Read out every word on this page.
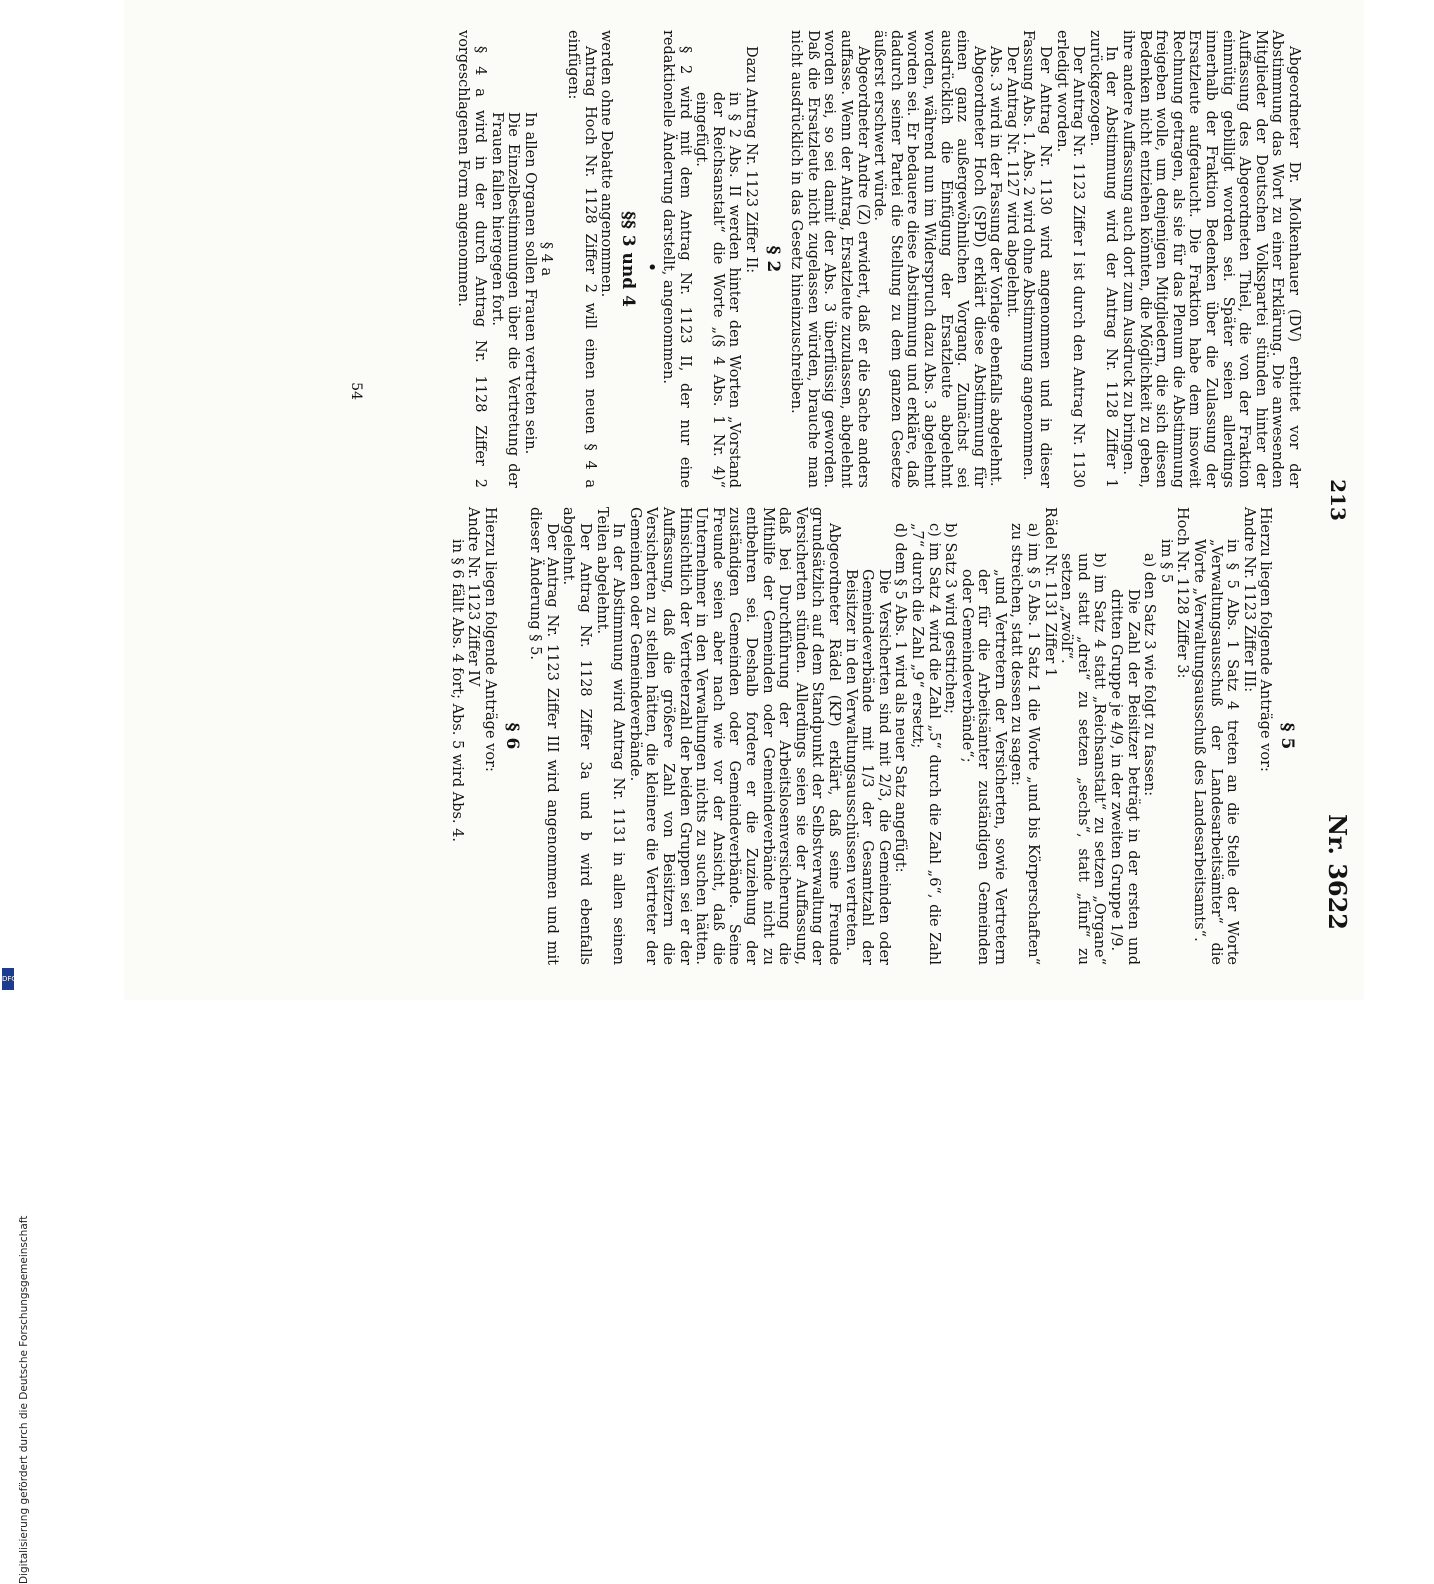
213
Nr. 3622

Abgeordneter Dr. Molkenhauer (DV) erbittet vor der Abstimmung das Wort zu einer Erklärung. Die anwesenden Mitglieder der Deutschen Volkspartei stünden hinter der Auffassung des Abgeordneten Thiel, die von der Fraktion einmütig gebilligt worden sei. Später seien allerdings innerhalb der Fraktion Bedenken über die Zulassung der Ersatzleute aufgetaucht. Die Fraktion habe dem insoweit Rechnung getragen, als sie für das Plenum die Abstimmung freigeben wolle, um denjenigen Mitgliedern, die sich diesen Bedenken nicht entziehen könnten, die Möglichkeit zu geben, ihre andere Auffassung auch dort zum Ausdruck zu bringen.

In der Abstimmung wird der Antrag Nr. 1128 Ziffer 1 zurückgezogen.

Der Antrag Nr. 1123 Ziffer I ist durch den Antrag Nr. 1130 erledigt worden.

Der Antrag Nr. 1130 wird angenommen und in dieser Fassung Abs. 1. Abs. 2 wird ohne Abstimmung angenommen.

Der Antrag Nr. 1127 wird abgelehnt.

Abs. 3 wird in der Fassung der Vorlage ebenfalls abgelehnt.

Abgeordneter Hoch (SPD) erklärt diese Abstimmung für einen ganz außergewöhnlichen Vorgang. Zunächst sei ausdrücklich die Einfügung der Ersatzleute abgelehnt worden, während nun im Widerspruch dazu Abs. 3 abgelehnt worden sei. Er bedauere diese Abstimmung und erkläre, daß dadurch seiner Partei die Stellung zu dem ganzen Gesetze äußerst erschwert würde.

Abgeordneter Andre (Z) erwidert, daß er die Sache anders auffasse. Wenn der Antrag, Ersatzleute zuzulassen, abgelehnt worden sei, so sei damit der Abs. 3 überflüssig geworden. Daß die Ersatzleute nicht zugelassen würden, brauche man nicht ausdrücklich in das Gesetz hineinzuschreiben.

§ 2

Dazu Antrag Nr. 1123 Ziffer II:

in § 2 Abs. II werden hinter den Worten „Vorstand der Reichsanstalt“ die Worte „(§ 4 Abs. 1 Nr. 4)“ eingefügt.

§ 2 wird mit dem Antrag Nr. 1123 II, der nur eine redaktionelle Änderung darstellt, angenommen.

•

§§ 3 und 4

werden ohne Debatte angenommen.

Antrag Hoch Nr. 1128 Ziffer 2 will einen neuen § 4 a einfügen:

§ 4 a

In allen Organen sollen Frauen vertreten sein.

Die Einzelbestimmungen über die Vertretung der Frauen fallen hiergegen fort.

§ 4 a wird in der durch Antrag Nr. 1128 Ziffer 2 vorgeschlagenen Form angenommen.

§ 5

Hierzu liegen folgende Anträge vor:

Andre Nr. 1123 Ziffer III:

in § 5 Abs. 1 Satz 4 treten an die Stelle der Worte „Verwaltungsausschuß der Landesarbeitsämter“ die Worte „Verwaltungsausschuß des Landesarbeitsamts“.

Hoch Nr. 1128 Ziffer 3:

im § 5

a) den Satz 3 wie folgt zu fassen:

Die Zahl der Beisitzer beträgt in der ersten und dritten Gruppe je 4/9, in der zweiten Gruppe 1/9.

b) im Satz 4 statt „Reichsanstalt“ zu setzen „Organe“ und statt „drei“ zu setzen „sechs“, statt „fünf“ zu setzen „zwölf“.

Rädel Nr. 1131 Ziffer 1

a) im § 5 Abs. 1 Satz 1 die Worte „und bis Körperschaften“ zu streichen, statt dessen zu sagen:

„und Vertretern der Versicherten, sowie Vertretern der für die Arbeitsämter zuständigen Gemeinden oder Gemeindeverbände“;

b) Satz 3 wird gestrichen;

c) im Satz 4 wird die Zahl „5“ durch die Zahl „6“, die Zahl „7“ durch die Zahl „9“ ersetzt;

d) dem § 5 Abs. 1 wird als neuer Satz angefügt:

Die Versicherten sind mit 2/3, die Gemeinden oder Gemeindeverbände mit 1/3 der Gesamtzahl der Beisitzer in den Verwaltungsausschüssen vertreten.

Abgeordneter Rädel (KP) erklärt, daß seine Freunde grundsätzlich auf dem Standpunkt der Selbstverwaltung der Versicherten stünden. Allerdings seien sie der Auffassung, daß bei Durchführung der Arbeitslosenversicherung die Mithilfe der Gemeinden oder Gemeindeverbände nicht zu entbehren sei. Deshalb fordere er die Zuziehung der zuständigen Gemeinden oder Gemeindeverbände. Seine Freunde seien aber nach wie vor der Ansicht, daß die Unternehmer in den Verwaltungen nichts zu suchen hätten. Hinsichtlich der Vertreterzahl der beiden Gruppen sei er der Auffassung, daß die größere Zahl von Beisitzern die Versicherten zu stellen hätten, die kleinere die Vertreter der Gemeinden oder Gemeindeverbände.

In der Abstimmung wird Antrag Nr. 1131 in allen seinen Teilen abgelehnt.

Der Antrag Nr. 1128 Ziffer 3a und b wird ebenfalls abgelehnt.

Der Antrag Nr. 1123 Ziffer III wird angenommen und mit dieser Änderung § 5.

§ 6

Hierzu liegen folgende Anträge vor:

Andre Nr. 1123 Ziffer IV

in § 6 fällt Abs. 4 fort; Abs. 5 wird Abs. 4.

54
Digitalisierung gefördert durch die Deutsche Forschungsgemeinschaft
DFG
